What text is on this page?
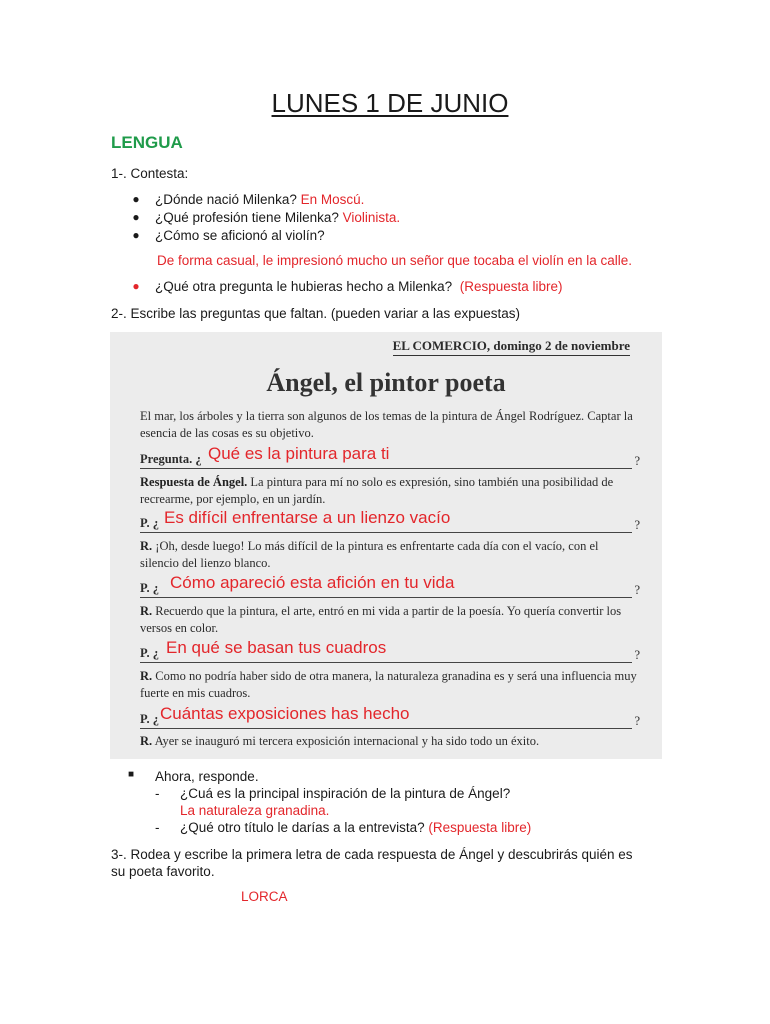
LUNES 1 DE JUNIO
LENGUA
1-. Contesta:
● ¿Dónde nació Milenka? En Moscú.
● ¿Qué profesión tiene Milenka? Violinista.
● ¿Cómo se aficionó al violín?
De forma casual, le impresionó mucho un señor que tocaba el violín en la calle.
● ¿Qué otra pregunta le hubieras hecho a Milenka? (Respuesta libre)
2-. Escribe las preguntas que faltan. (pueden variar a las expuestas)
EL COMERCIO, domingo 2 de noviembre
Ángel, el pintor poeta
El mar, los árboles y la tierra son algunos de los temas de la pintura de Ángel Rodríguez. Captar la esencia de las cosas es su objetivo.
Pregunta. ¿ Qué es la pintura para ti	?
Respuesta de Ángel. La pintura para mí no solo es expresión, sino también una posibilidad de recrearme, por ejemplo, en un jardín.
P. ¿ Es difícil enfrentarse a un lienzo vacío	?
R. ¡Oh, desde luego! Lo más difícil de la pintura es enfrentarte cada día con el vacío, con el silencio del lienzo blanco.
P. ¿ Cómo apareció esta afición en tu vida	?
R. Recuerdo que la pintura, el arte, entró en mi vida a partir de la poesía. Yo quería convertir los versos en color.
P. ¿ En qué se basan tus cuadros	?
R. Como no podría haber sido de otra manera, la naturaleza granadina es y será una influencia muy fuerte en mis cuadros.
P. ¿ Cuántas exposiciones has hecho	?
R. Ayer se inauguró mi tercera exposición internacional y ha sido todo un éxito.
■ Ahora, responde.
- ¿Cuá es la principal inspiración de la pintura de Ángel?
La naturaleza granadina.
- ¿Qué otro título le darías a la entrevista? (Respuesta libre)
3-. Rodea y escribe la primera letra de cada respuesta de Ángel y descubrirás quién es
su poeta favorito.
LORCA
